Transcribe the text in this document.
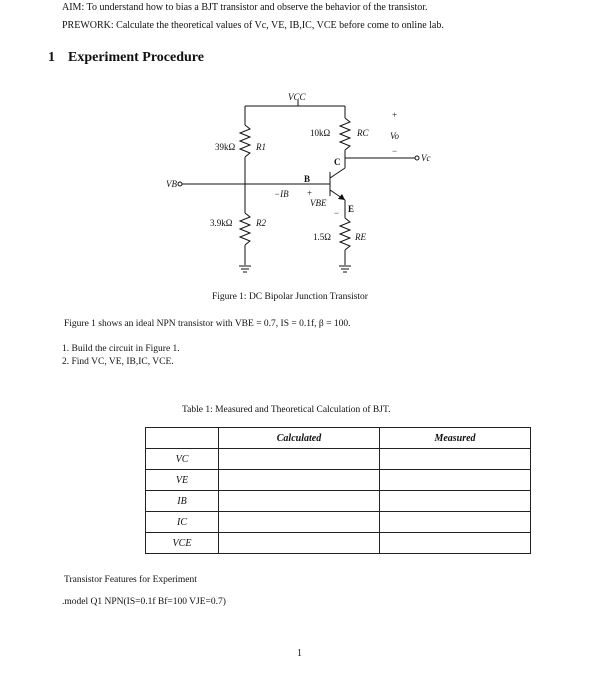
AIM: To understand how to bias a BJT transistor and observe the behavior of the transistor.
PREWORK: Calculate the theoretical values of Vc, VE, IB,IC, VCE before come to online lab.
1 Experiment Procedure
VCC
39kΩ R1
3.9kΩ	R2
10kΩ	RC
1.5Ω	RE
VB
−IB
B
C
E
+
VBE
−
+
Vo
−
Vc
Figure 1: DC Bipolar Junction Transistor
Figure 1 shows an ideal NPN transistor with VBE = 0.7, IS = 0.1f, β = 100.
1. Build the circuit in Figure 1.
2. Find VC, VE, IB,IC, VCE.
Table 1: Measured and Theoretical Calculation of BJT.
	Calculated	Measured
VC		
VE		
IB		
IC		
VCE		
Transistor Features for Experiment
.model Q1 NPN(IS=0.1f Bf=100 VJE=0.7)
1
